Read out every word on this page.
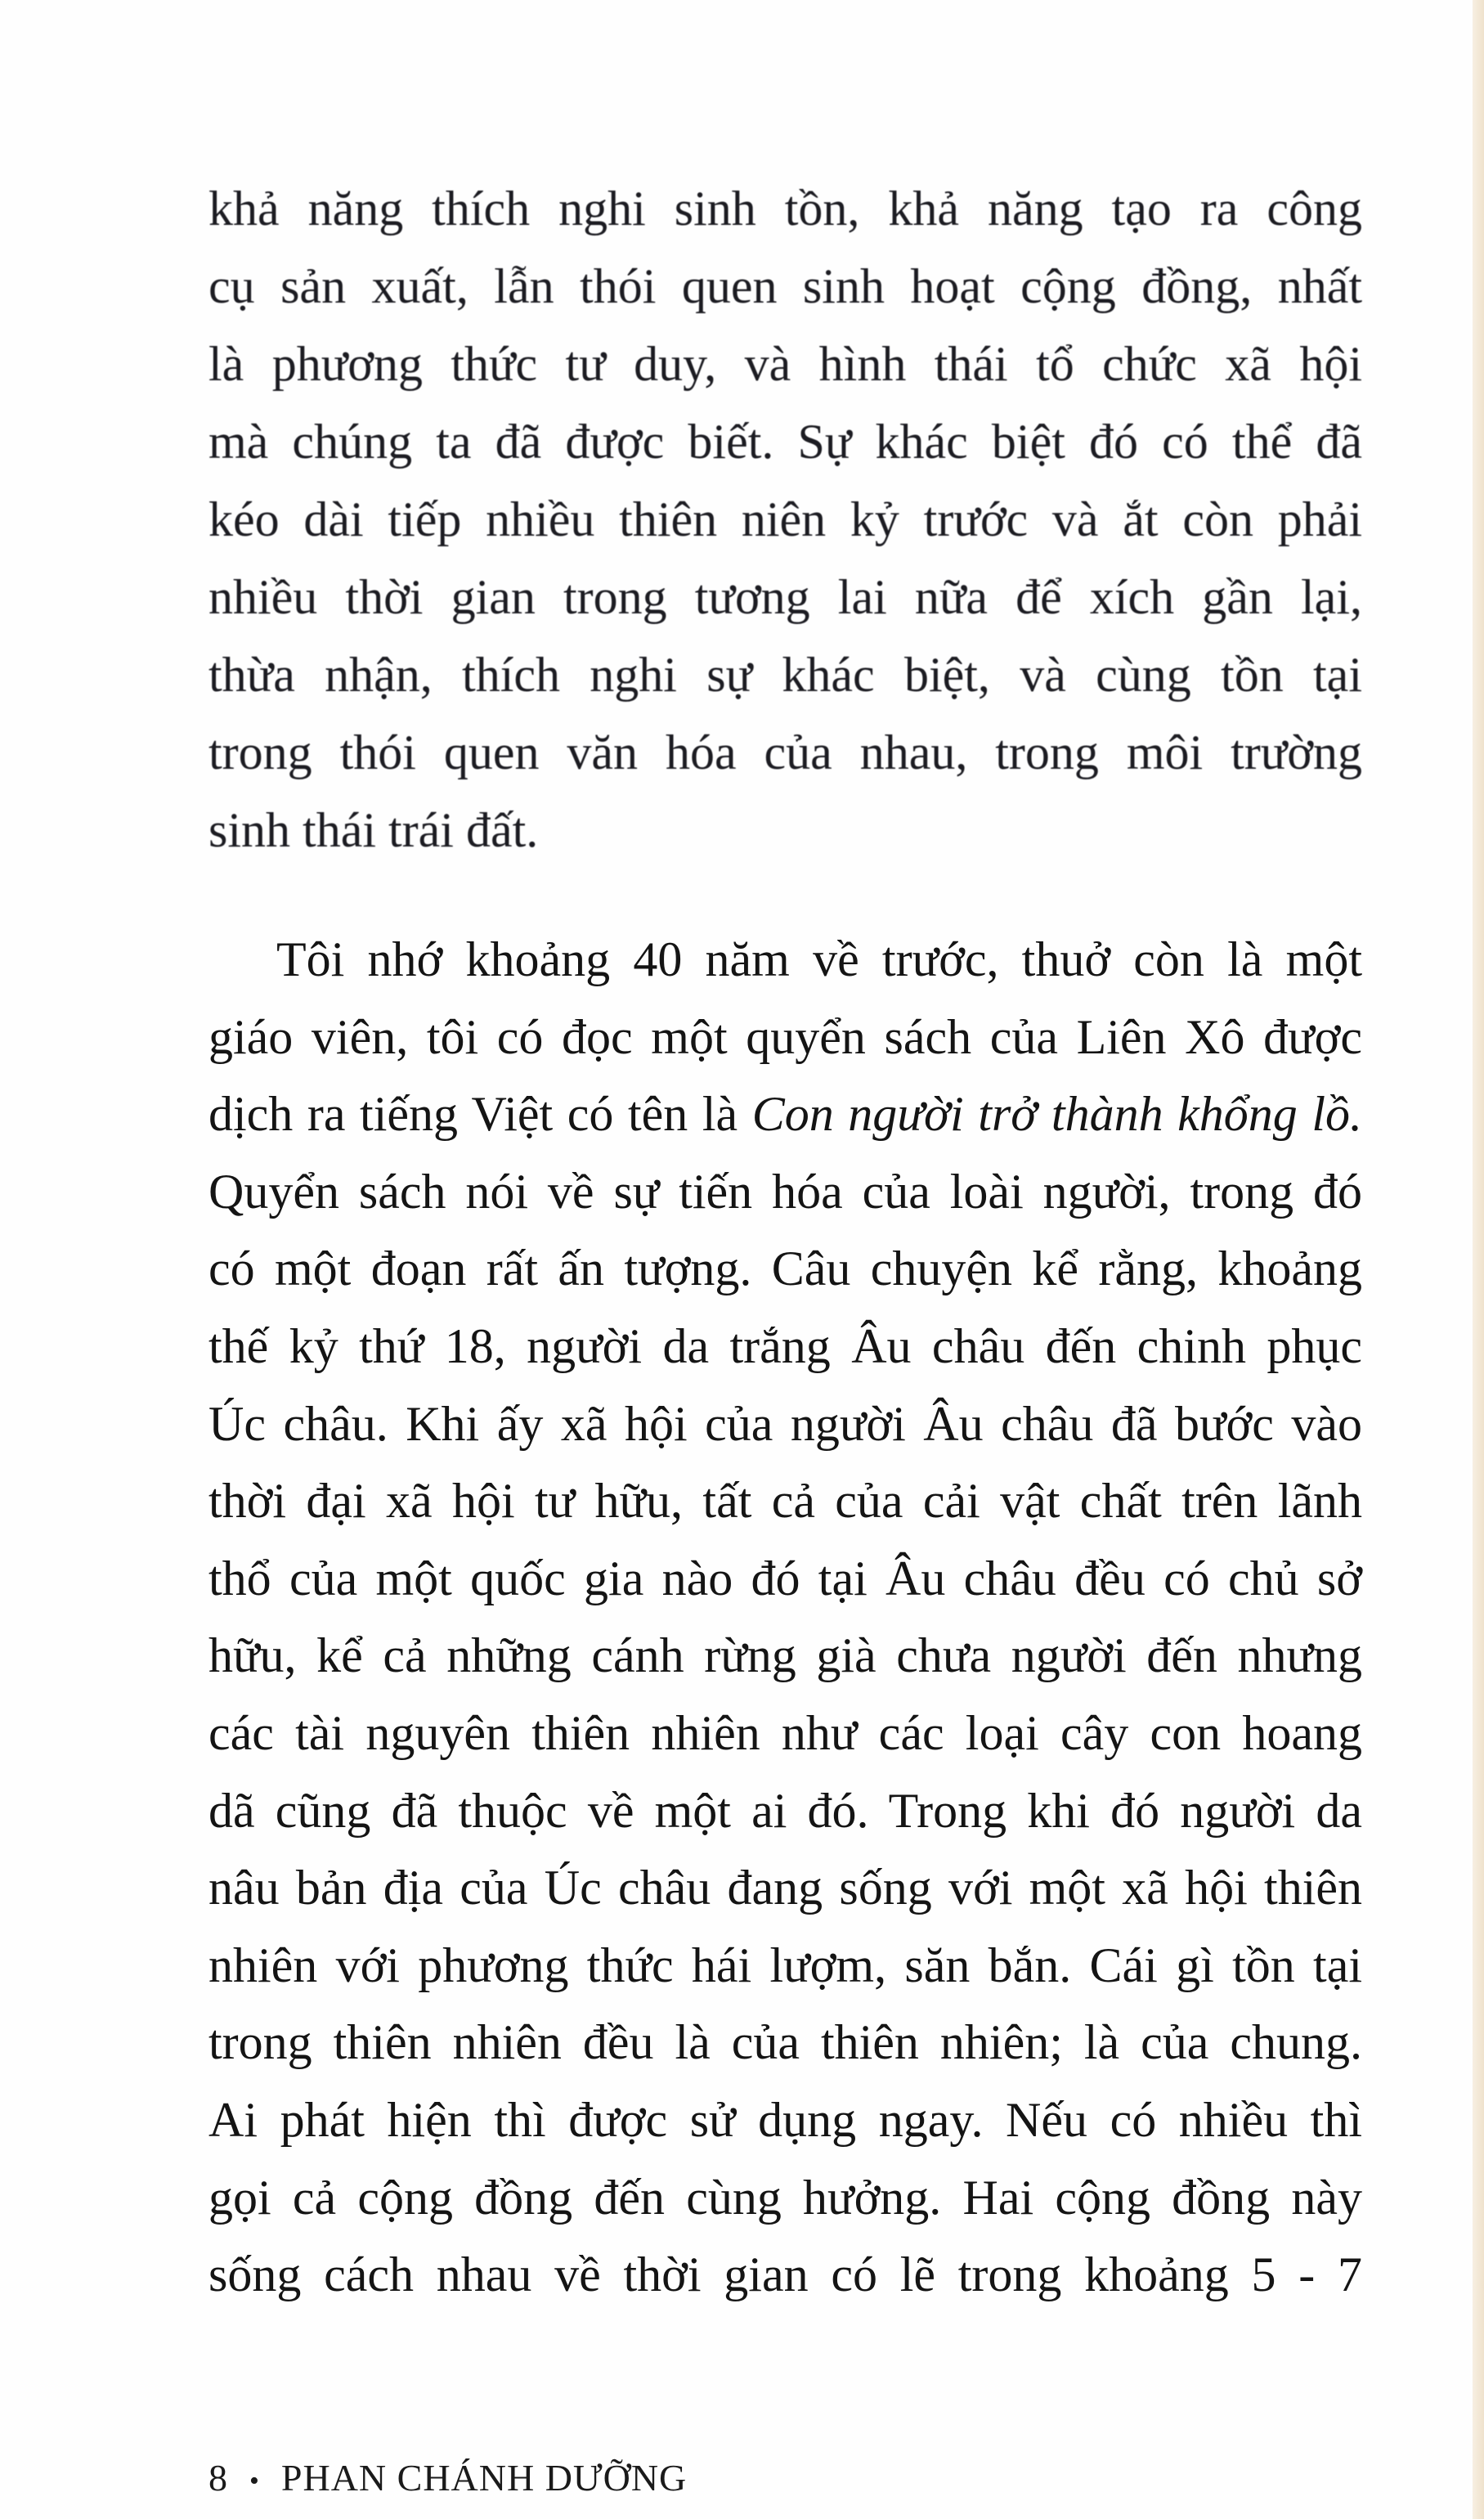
khả năng thích nghi sinh tồn, khả năng tạo ra công
cụ sản xuất, lẫn thói quen sinh hoạt cộng đồng, nhất
là phương thức tư duy, và hình thái tổ chức xã hội
mà chúng ta đã được biết. Sự khác biệt đó có thể đã
kéo dài tiếp nhiều thiên niên kỷ trước và ắt còn phải
nhiều thời gian trong tương lai nữa để xích gần lại,
thừa nhận, thích nghi sự khác biệt, và cùng tồn tại
trong thói quen văn hóa của nhau, trong môi trường
sinh thái trái đất.
Tôi nhớ khoảng 40 năm về trước, thuở còn là một
giáo viên, tôi có đọc một quyển sách của Liên Xô được
dịch ra tiếng Việt có tên là Con người trở thành khổng lồ.
Quyển sách nói về sự tiến hóa của loài người, trong đó
có một đoạn rất ấn tượng. Câu chuyện kể rằng, khoảng
thế kỷ thứ 18, người da trắng Âu châu đến chinh phục
Úc châu. Khi ấy xã hội của người Âu châu đã bước vào
thời đại xã hội tư hữu, tất cả của cải vật chất trên lãnh
thổ của một quốc gia nào đó tại Âu châu đều có chủ sở
hữu, kể cả những cánh rừng già chưa người đến nhưng
các tài nguyên thiên nhiên như các loại cây con hoang
dã cũng đã thuộc về một ai đó. Trong khi đó người da
nâu bản địa của Úc châu đang sống với một xã hội thiên
nhiên với phương thức hái lượm, săn bắn. Cái gì tồn tại
trong thiên nhiên đều là của thiên nhiên; là của chung.
Ai phát hiện thì được sử dụng ngay. Nếu có nhiều thì
gọi cả cộng đồng đến cùng hưởng. Hai cộng đồng này
sống cách nhau về thời gian có lẽ trong khoảng 5 - 7
8 • PHAN CHÁNH DƯỠNG
